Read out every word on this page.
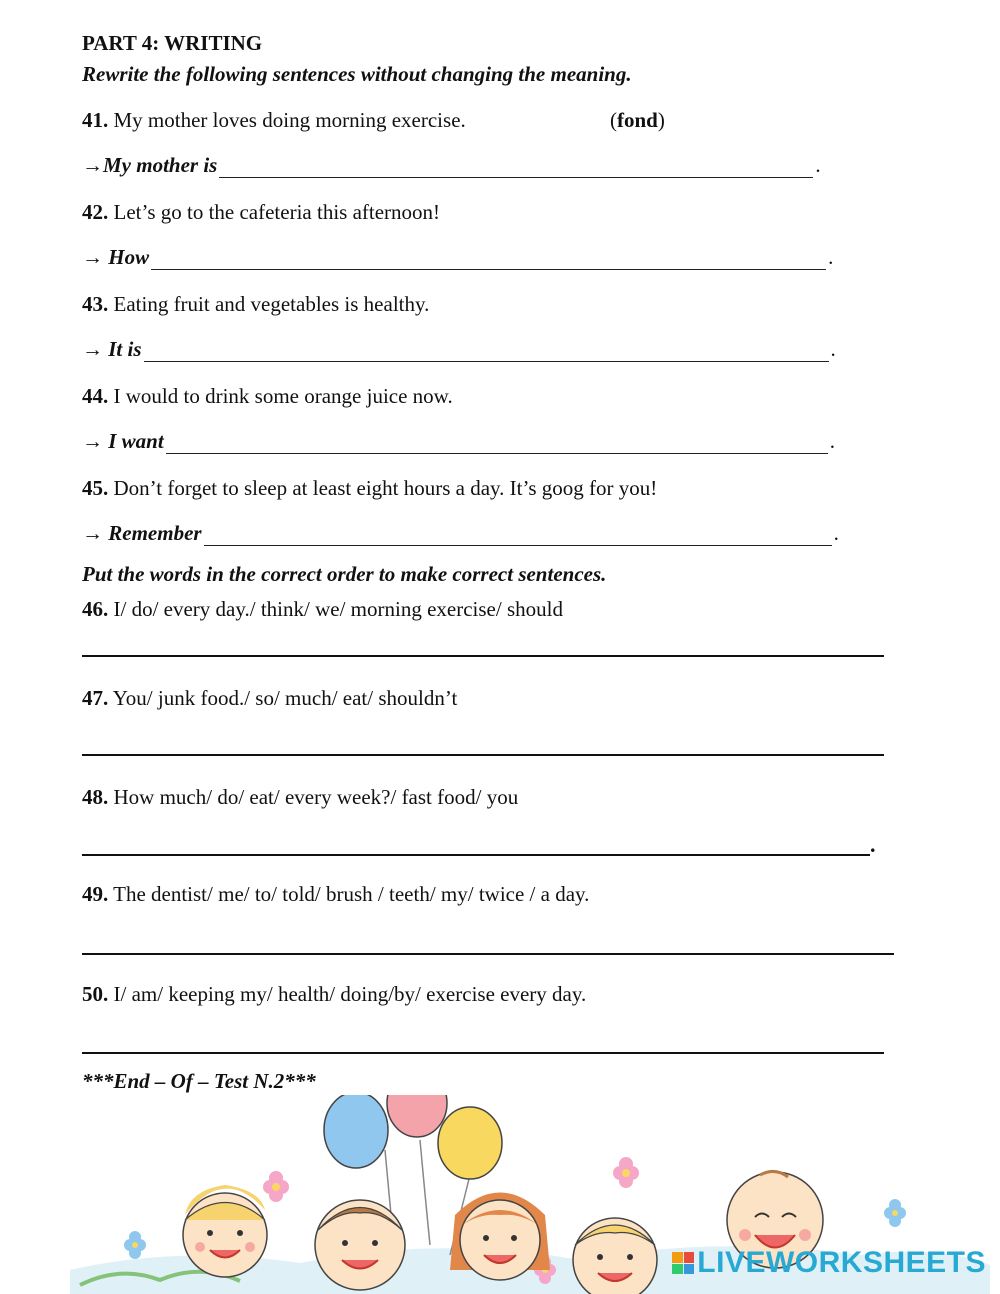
PART 4: WRITING
Rewrite the following sentences without changing the meaning.
41. My mother loves doing morning exercise.	(fond)
→My mother is	.
42. Let’s go to the cafeteria this afternoon!
→ How	.
43. Eating fruit and vegetables is healthy.
→ It is	.
44. I would to drink some orange juice now.
→ I want	.
45. Don’t forget to sleep at least eight hours a day. It’s goog for you!
→ Remember	.
Put the words in the correct order to make correct sentences.
46. I/ do/ every day./ think/ we/ morning exercise/ should
47. You/ junk food./ so/ much/ eat/ shouldn’t
48. How much/ do/ eat/ every week?/ fast food/ you
.
49. The dentist/ me/ to/ told/ brush / teeth/ my/ twice / a day.
50. I/ am/ keeping my/ health/ doing/by/ exercise every day.
***End – Of – Test N.2***
LIVEWORKSHEETS
